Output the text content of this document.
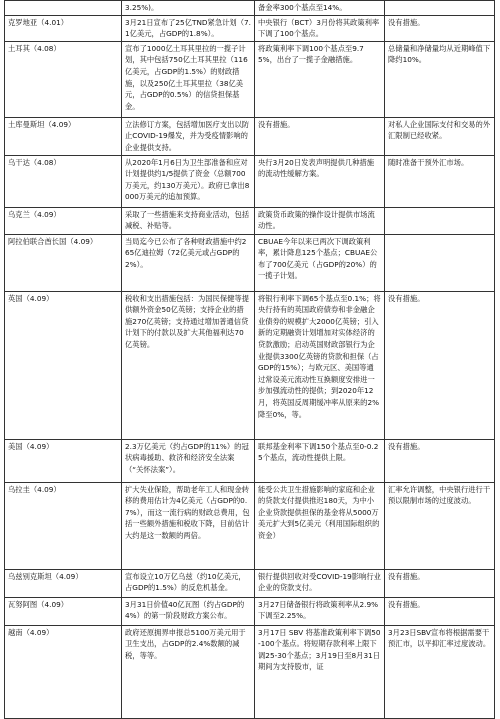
	3.25%)。	备金率300个基点至14%。	
克罗地亚（4.01）	3月21日宣布了25亿TND紧急计划（7.1亿美元，占GDP的1.8%）。	中央银行（BCT）3月份将其政策利率下调了100个基点。	没有措施。
土耳其（4.08）	宣布了1000亿土耳其里拉的一揽子计划，其中包括750亿土耳其里拉（116亿美元，占GDP的1.5%）的财政措施，以及250亿土耳其里拉（38亿美元，占GDP的0.5%）的信贷担保基金。	将政策利率下调100个基点至9.75%，出台了一揽子金融措施。	总储量和净储量均从近期峰值下降约10%。
土库曼斯坦（4.09）	立法修订方案，包括增加医疗支出以防止COVID-19爆发，并为受疫情影响的企业提供支持。	没有措施。	对私人企业国际支付和交易的外汇限制已经收紧。
乌干达（4.08）	从2020年1月6日为卫生部准备和应对计划提供约1/5提供了资金（总额700万美元，约130万美元）。政府已拿出8000万美元的追加预算。	央行3月20日发表声明提供几种措施的流动性缓解方案。	随时准备干预外汇市场。
乌克兰（4.09）	采取了一些措施来支持商业活动，包括减税、补贴等。	政策货币政策的操作设计提供市场流动性。	
阿拉伯联合酋长国（4.09）	当局迄今已公布了各种财政措施中约265亿迪拉姆（72亿美元或占GDP的2%）。	CBUAE今年以来已两次下调政策利率，累计降息125个基点；CBUAE公布了700亿美元（占GDP的20%）的一揽子计划。	
英国（4.09）	税收和支出措施包括：为国民保健等提供额外资金50亿英镑；支持企业的措施270亿英镑；支持通过增加普通信贷计划下的付款以及扩大其他福利达70亿英镑。	将银行利率下调65个基点至0.1%；将央行持有的英国政府债券和非金融企业债券的规模扩大2000亿英镑；引入新的定期融资计划增加对实体经济的贷款激励；启动英国财政部银行为企业提供3300亿英镑的贷款和担保（占GDP的15%）；与欧元区、美国等通过常设美元流动性互换额度安排进一步加强流动性的提供；到2020年12月，将英国反周期缓冲率从原来的2%降至0%，等。	没有措施。
美国（4.09）	2.3万亿美元（约占GDP的11%）的冠状病毒援助、救济和经济安全法案（“关怀法案”）。	联邦基金利率下调150个基点至0-0.25个基点，流动性提供上限。	没有措施。
乌拉圭（4.09）	扩大失业保险，帮助老年工人和现金转移的费用估计为4亿美元（占GDP的0.7%），而这一流行病的财政总费用，包括一些额外措施和税收下降，目前估计大约是这一数额的两倍。	能受公共卫生措施影响的家庭和企业的贷款支付提供推迟180天，为中小企业贷款提供担保的基金将从5000万美元扩大到5亿美元（利用国际组织的资金）	汇率允许调整，中央银行进行干预以限制市场的过度波动。
乌兹别克斯坦（4.09）	宣布设立10万亿乌兹（约10亿美元，占GDP的1.5%）的反危机基金。	银行提供回收对受COVID-19影响行业企业的贷款支付。	没有措施。
瓦努阿图（4.09）	3月31日价值40亿瓦图（约占GDP的4%）的第一阶段财政方案公布。	3月27日储备银行将政策利率从2.9%下调至2.25%。	没有措施。
越南（4.09）	政府还原拥界申报总5100万美元用于卫生支出，占GDP的2.4%数额的减税，等等。	3月17日 SBV 将基准政策利率下调50-100个基点。将短期存款利率上限下调25-30个基点；3月19日至8月31日期间为支持股市，证	3月23日SBV宣布将根据需要干预汇市，以平抑汇率过度波动。
